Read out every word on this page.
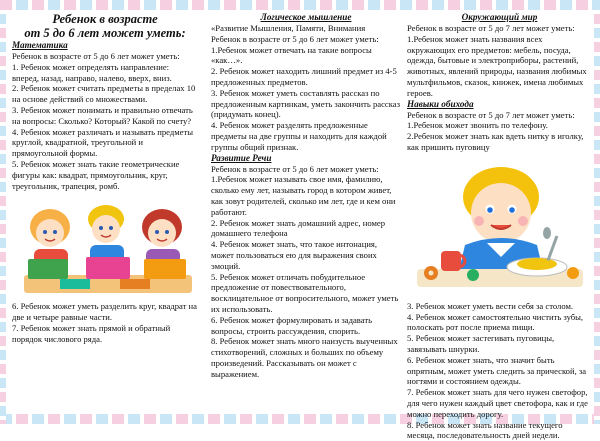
Ребенок в возрасте

от 5 до 6 лет может уметь:

Математика

Ребенок в возрасте от 5 до 6 лет может уметь:

1. Ребенок может определять направление: вперед, назад, направо, налево, вверх, вниз.

2. Ребенок может считать предметы в пределах 10 на основе действий со множествами.

3. Ребенок может понимать и правильно отвечать на вопросы: Сколько? Который? Какой по счету?

4. Ребенок может различать и называть предметы круглой, квадратной, треугольной и прямоугольной формы.

5. Ребенок может знать такие геометрические фигуры как: квадрат, прямоугольник, круг, треугольник, трапеция, ромб.

6. Ребенок может уметь разделить круг, квадрат на две и четыре равные части.

7. Ребенок может знать прямой и обратный порядок числового ряда.

Логическое мышление

«Развитие Мышления, Памяти, Внимания

Ребенок в возрасте от 5 до 6 лет может уметь:

1.Ребенок может отвечать на такие вопросы «как…».

2. Ребенок может находить лишний предмет из 4-5 предложенных предметов.

3. Ребенок может уметь составлять рассказ по предложенным картинкам, уметь закончить рассказ (придумать конец).

4. Ребенок может разделять предложенные предметы на две группы и находить для каждой группы общий признак.

Развитие Речи

Ребенок в возрасте от 5 до 6 лет может уметь:

1.Ребенок может называть свое имя, фамилию, сколько ему лет, называть город в котором живет, как зовут родителей, сколько им лет, где и кем они работают.

2. Ребенок может знать домашний адрес, номер домашнего телефона

4. Ребенок может знать, что такое интонация, может пользоваться ею для выражения своих эмоций.

5. Ребенок может отличать побудительное предложение от повествовательного, восклицательное от вопросительного, может уметь их использовать.

6. Ребенок может формулировать и задавать вопросы, строить рассуждения, спорить.

8. Ребенок может знать много наизусть выученных стихотворений, сложных и больших по объему произведений. Рассказывать он может с выражением.

Окружающий мир

Ребенок в возрасте от 5 до 7 лет может уметь:

1.Ребенок может знать названия всех окружающих его предметов: мебель, посуда, одежда, бытовые и электроприборы, растений, животных, явлений природы, названия любимых мультфильмов, сказок, книжек, имена любимых героев.

Навыки обихода

Ребенок в возрасте от 5 до 7 лет может уметь:

1.Ребенок может звонить по телефону.

2.Ребенок может знать как вдеть нитку в иголку, как пришить пуговицу

3. Ребенок может уметь вести себя за столом.

4. Ребенок может самостоятельно чистить зубы, полоскать рот после приема пищи.

5. Ребенок может застегивать пуговицы, завязывать шнурки.

6. Ребенок может знать, что значит быть опрятным, может уметь следить за прической, за ногтями и состоянием одежды.

7. Ребенок может знать для чего нужен светофор, для чего нужен каждый цвет светофора, как и где можно переходить дорогу.

8. Ребенок может знать название текущего месяца, последовательность дней недели.
